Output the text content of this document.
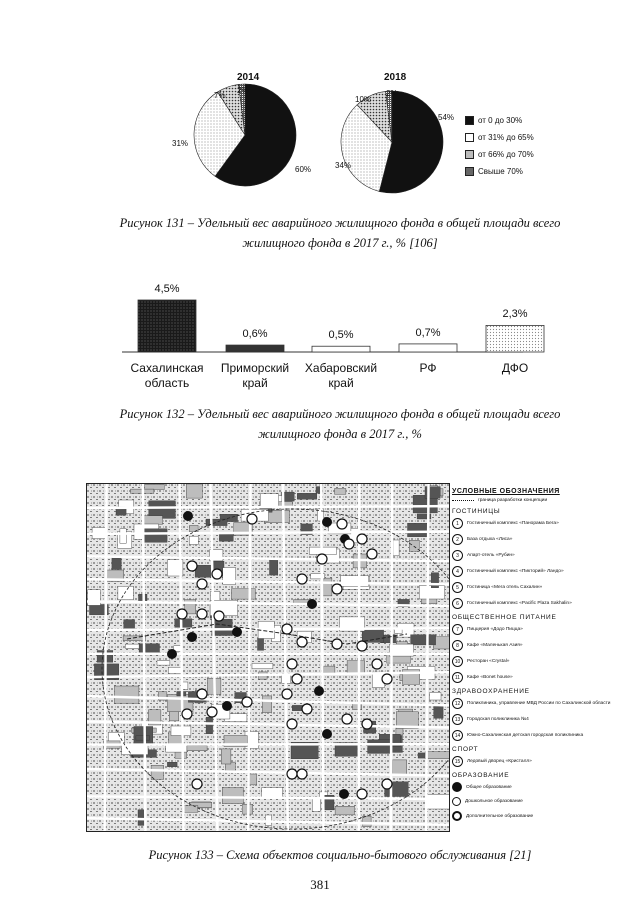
2014	2018
60%
31%
7%
2%
54%
34%
10%
2%
от 0 до 30%
от 31% до 65%
от 66% до 70%
Свыше 70%
Рисунок 131 – Удельный вес аварийного жилищного фонда в общей площади всего
жилищного фонда в 2017 г., % [106]
4,5%
0,6%	0,5%	0,7%
2,3%
Сахалинская
область
Приморский
край
Хабаровский
край
РФ	ДФО
Рисунок 132 – Удельный вес аварийного жилищного фонда в общей площади всего
жилищного фонда в 2017 г., %
УСЛОВНЫЕ ОБОЗНАЧЕНИЯ
граница разработки концепции
ГОСТИНИЦЫ
1	Гостиничный комплекс «Панорама Бега»
2	База отдыха «Лиса»
3	Апарт-отель «Рубин»
4	Гостиничный комплекс «Пикторий» Ландо»
5	Гостиница «Мега отель Сахалин»
6	Гостиничный комплекс «Pacific Plaza Sakhalin»
ОБЩЕСТВЕННОЕ ПИТАНИЕ
7	Пиццерия «Додо Пицца»
8	Кафе «Маленькая Азия»
10	Ресторан «Crystal»
11	Кафе «Bonet house»
ЗДРАВООХРАНЕНИЕ
12	Поликлиника, управление МВД России по Сахалинской области
13	Городская поликлиника №4
14	Южно-Сахалинская детская городская поликлиника
СПОРТ
15	Ледовый дворец «Кристалл»
ОБРАЗОВАНИЕ
Общее образование
Дошкольное образование
Дополнительное образование
Рисунок 133 – Схема объектов социально-бытового обслуживания [21]
381
